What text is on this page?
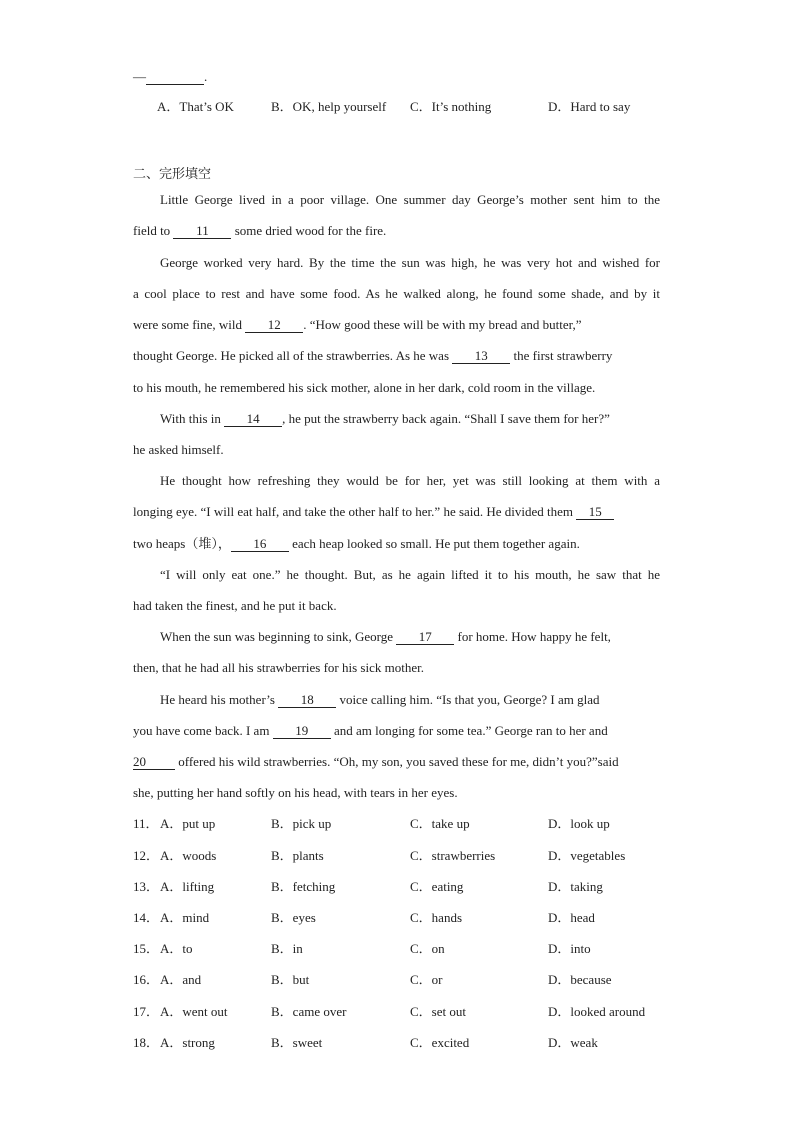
—	.
A．That’s OK	B．OK, help yourself C．It’s nothing	D．Hard to say
二、完形填空
Little George lived in a poor village. One summer day George’s mother sent him to the
field to 11 some dried wood for the fire.
George worked very hard. By the time the sun was high, he was very hot and wished for
a cool place to rest and have some food. As he walked along, he found some shade, and by it
were some fine, wild 12 . “How good these will be with my bread and butter,”
thought George. He picked all of the strawberries. As he was 13 the first strawberry
to his mouth, he remembered his sick mother, alone in her dark, cold room in the village.
With this in 14 , he put the strawberry back again. “Shall I save them for her?”
he asked himself.
He thought how refreshing they would be for her, yet was still looking at them with a
longing eye. “I will eat half, and take the other half to her.” he said. He divided them 15
two heaps（堆）， 16 each heap looked so small. He put them together again.
“I will only eat one.” he thought. But, as he again lifted it to his mouth, he saw that he
had taken the finest, and he put it back.
When the sun was beginning to sink, George 17 for home. How happy he felt,
then, that he had all his strawberries for his sick mother.
He heard his mother’s 18 voice calling him. “Is that you, George? I am glad
you have come back. I am 19 and am longing for some tea.” George ran to her and
20 offered his wild strawberries. “Oh, my son, you saved these for me, didn’t you?”said
she, putting her hand softly on his head, with tears in her eyes.
11． A．put up	B．pick up	C．take up	D．look up
12． A．woods	B．plants	C．strawberries	D．vegetables
13． A．lifting	B．fetching	C．eating	D．taking
14． A．mind	B．eyes	C．hands	D．head
15． A．to	B．in	C．on	D．into
16． A．and	B．but	C．or	D．because
17． A．went out	B．came over	C．set out	D．looked around
18． A．strong	B．sweet	C．excited	D．weak
